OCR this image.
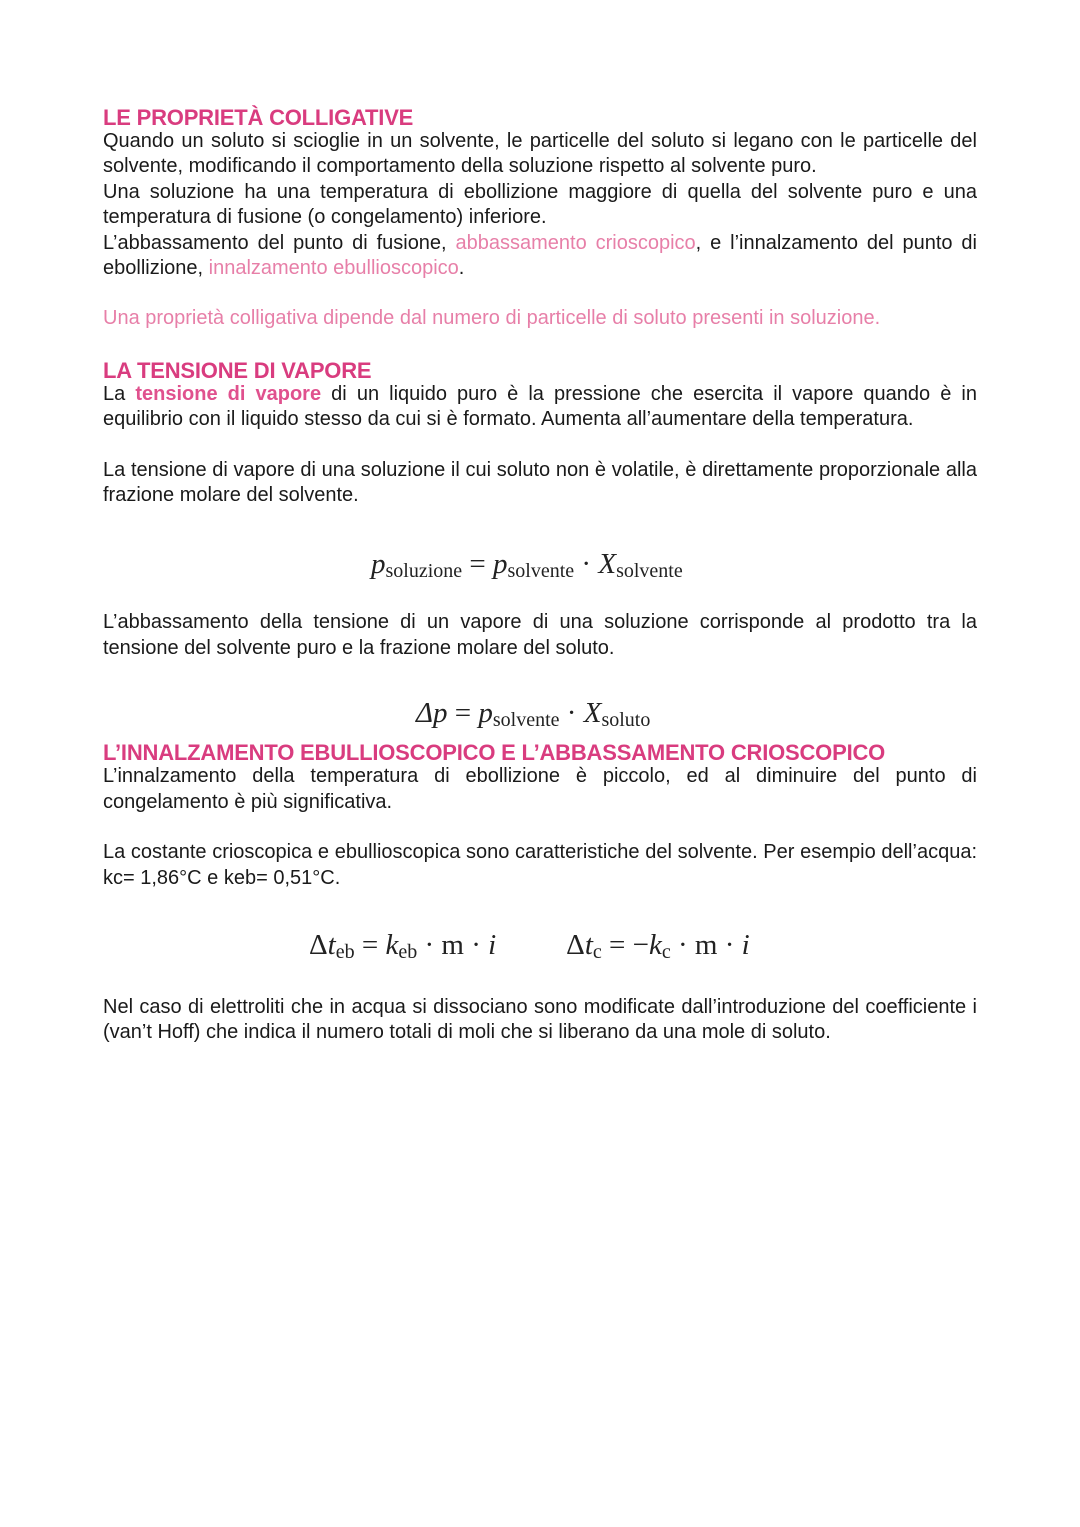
LE PROPRIETÀ COLLIGATIVE

Quando un soluto si scioglie in un solvente, le particelle del soluto si legano con le particelle del solvente, modificando il comportamento della soluzione rispetto al solvente puro.

Una soluzione ha una temperatura di ebollizione maggiore di quella del solvente puro e una temperatura di fusione (o congelamento) inferiore.

L’abbassamento del punto di fusione, abbassamento crioscopico, e l’innalzamento del punto di ebollizione, innalzamento ebullioscopico.

Una proprietà colligativa dipende dal numero di particelle di soluto presenti in soluzione.

LA TENSIONE DI VAPORE

La tensione di vapore di un liquido puro è la pressione che esercita il vapore quando è in equilibrio con il liquido stesso da cui si è formato. Aumenta all’aumentare della temperatura.

La tensione di vapore di una soluzione il cui soluto non è volatile, è direttamente proporzionale alla frazione molare del solvente.

$p_{soluzione} = p_{solvente} \cdot X_{solvente}$

L’abbassamento della tensione di un vapore di una soluzione corrisponde al prodotto tra la tensione del solvente puro e la frazione molare del soluto.

$\Delta p = p_{solvente} \cdot X_{soluto}$
L’INNALZAMENTO EBULLIOSCOPICO E L’ABBASSAMENTO CRIOSCOPICO

L’innalzamento della temperatura di ebollizione è piccolo, ed al diminuire del punto di congelamento è più significativa.

La costante crioscopica e ebullioscopica sono caratteristiche del solvente. Per esempio dell’acqua: kc= 1,86°C e keb= 0,51°C.

$\Delta t_{eb} = k_{eb} \cdot m \cdot i$ $\Delta t_c = -k_c \cdot m \cdot i$

Nel caso di elettroliti che in acqua si dissociano sono modificate dall’introduzione del coefficiente i (van’t Hoff) che indica il numero totali di moli che si liberano da una mole di soluto.
